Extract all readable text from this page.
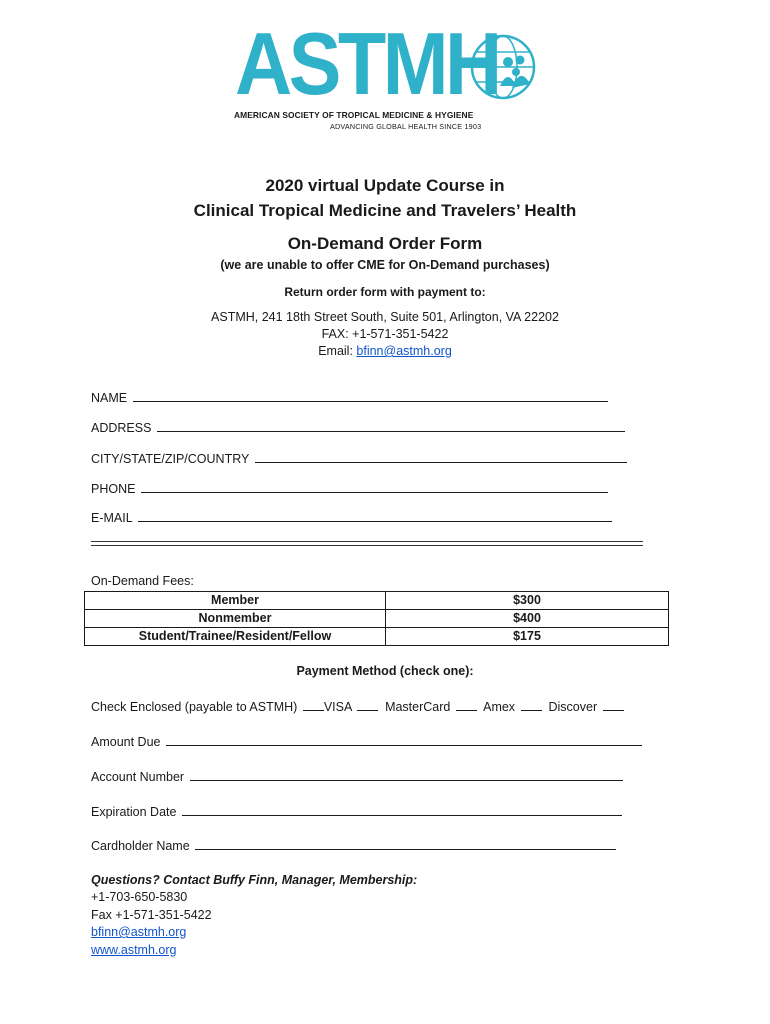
ASTMH
AMERICAN SOCIETY OF TROPICAL MEDICINE & HYGIENE
ADVANCING GLOBAL HEALTH SINCE 1903
2020 virtual Update Course in
Clinical Tropical Medicine and Travelers’ Health
On-Demand Order Form
(we are unable to offer CME for On-Demand purchases)
Return order form with payment to:
ASTMH, 241 18th Street South, Suite 501, Arlington, VA 22202
FAX: +1-571-351-5422
Email: bfinn@astmh.org
NAME
ADDRESS
CITY/STATE/ZIP/COUNTRY
PHONE
E-MAIL
On-Demand Fees:
Member	$300
Nonmember	$400
Student/Trainee/Resident/Fellow	$175
Payment Method (check one):
Check Enclosed (payable to ASTMH) VISA	MasterCard	Amex	Discover
Amount Due
Account Number
Expiration Date
Cardholder Name
Questions? Contact Buffy Finn, Manager, Membership:
+1-703-650-5830
Fax +1-571-351-5422
bfinn@astmh.org
www.astmh.org
